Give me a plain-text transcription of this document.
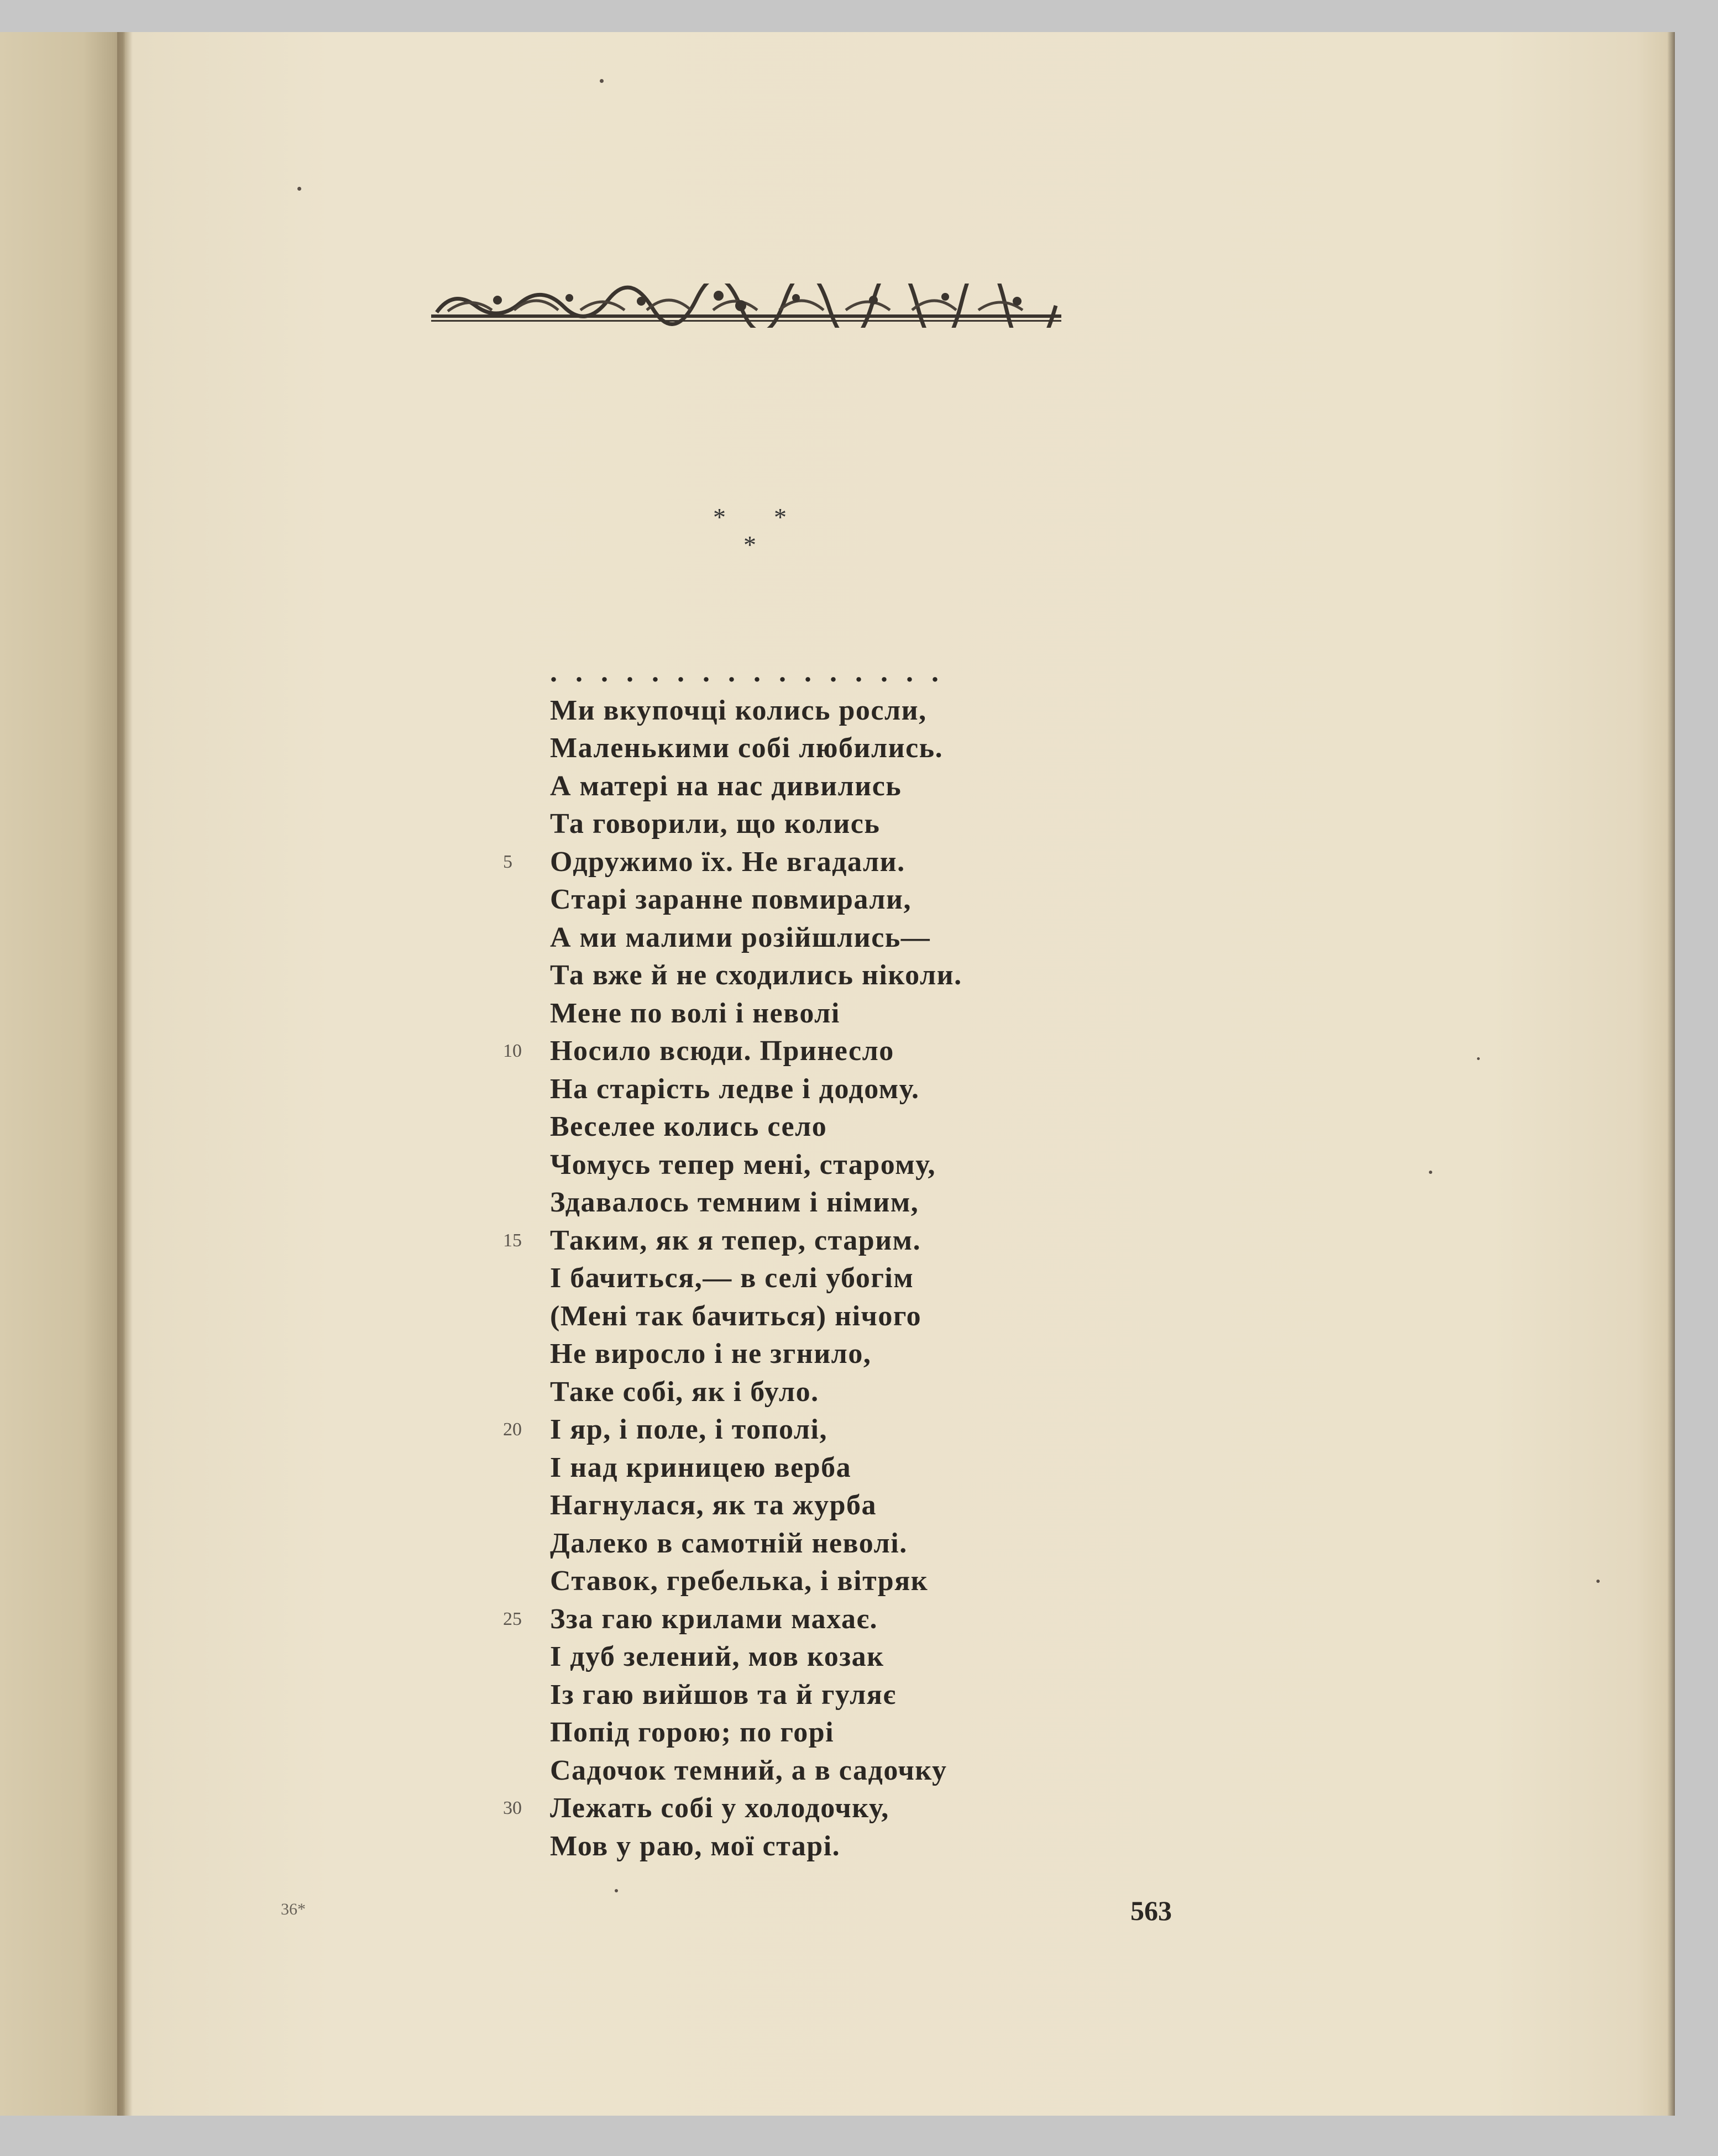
* *
*
. . . . . . . . . . . . . . . .
Ми вкупочці колись росли,
Маленькими собі любились.
А матері на нас дивились
Та говорили, що колись
5 Одружимо їх. Не вгадали.
Старі заранне повмирали,
А ми малими розійшлись—
Та вже й не сходились ніколи.
Мене по волі і неволі
10 Носило всюди. Принесло
На старість ледве і додому.
Веселее колись село
Чомусь тепер мені, старому,
Здавалось темним і німим,
15 Таким, як я тепер, старим.
І бачиться,— в селі убогім
(Мені так бачиться) нічого
Не виросло і не згнило,
Таке собі, як і було.
20 І яр, і поле, і тополі,
І над криницею верба
Нагнулася, як та журба
Далеко в самотній неволі.
Ставок, гребелька, і вітряк
25 Зза гаю крилами махає.
І дуб зелений, мов козак
Із гаю вийшов та й гуляє
Попід горою; по горі
Садочок темний, а в садочку
30 Лежать собі у холодочку,
Мов у раю, мої старі.
36*	563
